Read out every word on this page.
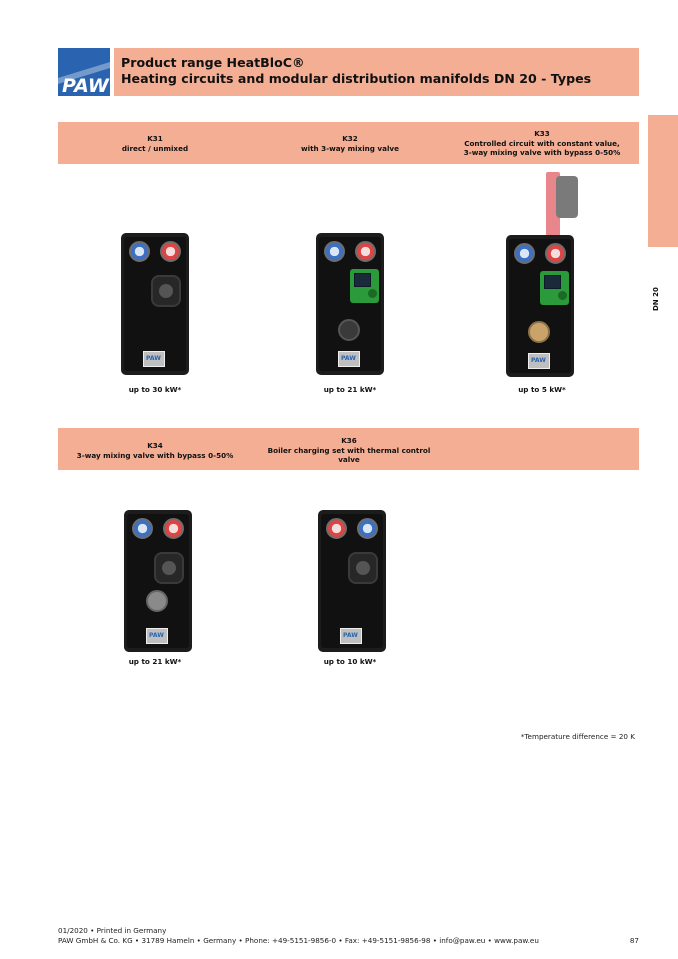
PAW
Product range HeatBloC®
Heating circuits and modular distribution manifolds DN 20 - Types
DN 20
K31
direct / unmixed
K32
with 3-way mixing valve
K33
Controlled circuit with constant value,
3-way mixing valve with bypass 0-50%
PAW
PAW
PAW
up to 30 kW*	up to 21 kW*	up to 5 kW*
K34
3-way mixing valve with bypass 0-50%
K36
Boiler charging set with thermal control
valve
PAW
PAW
up to 21 kW*	up to 10 kW*
*Temperature difference = 20 K
01/2020 • Printed in Germany
PAW GmbH & Co. KG • 31789 Hameln • Germany • Phone: +49-5151-9856-0 • Fax: +49-5151-9856-98 • info@paw.eu • www.paw.eu	87
